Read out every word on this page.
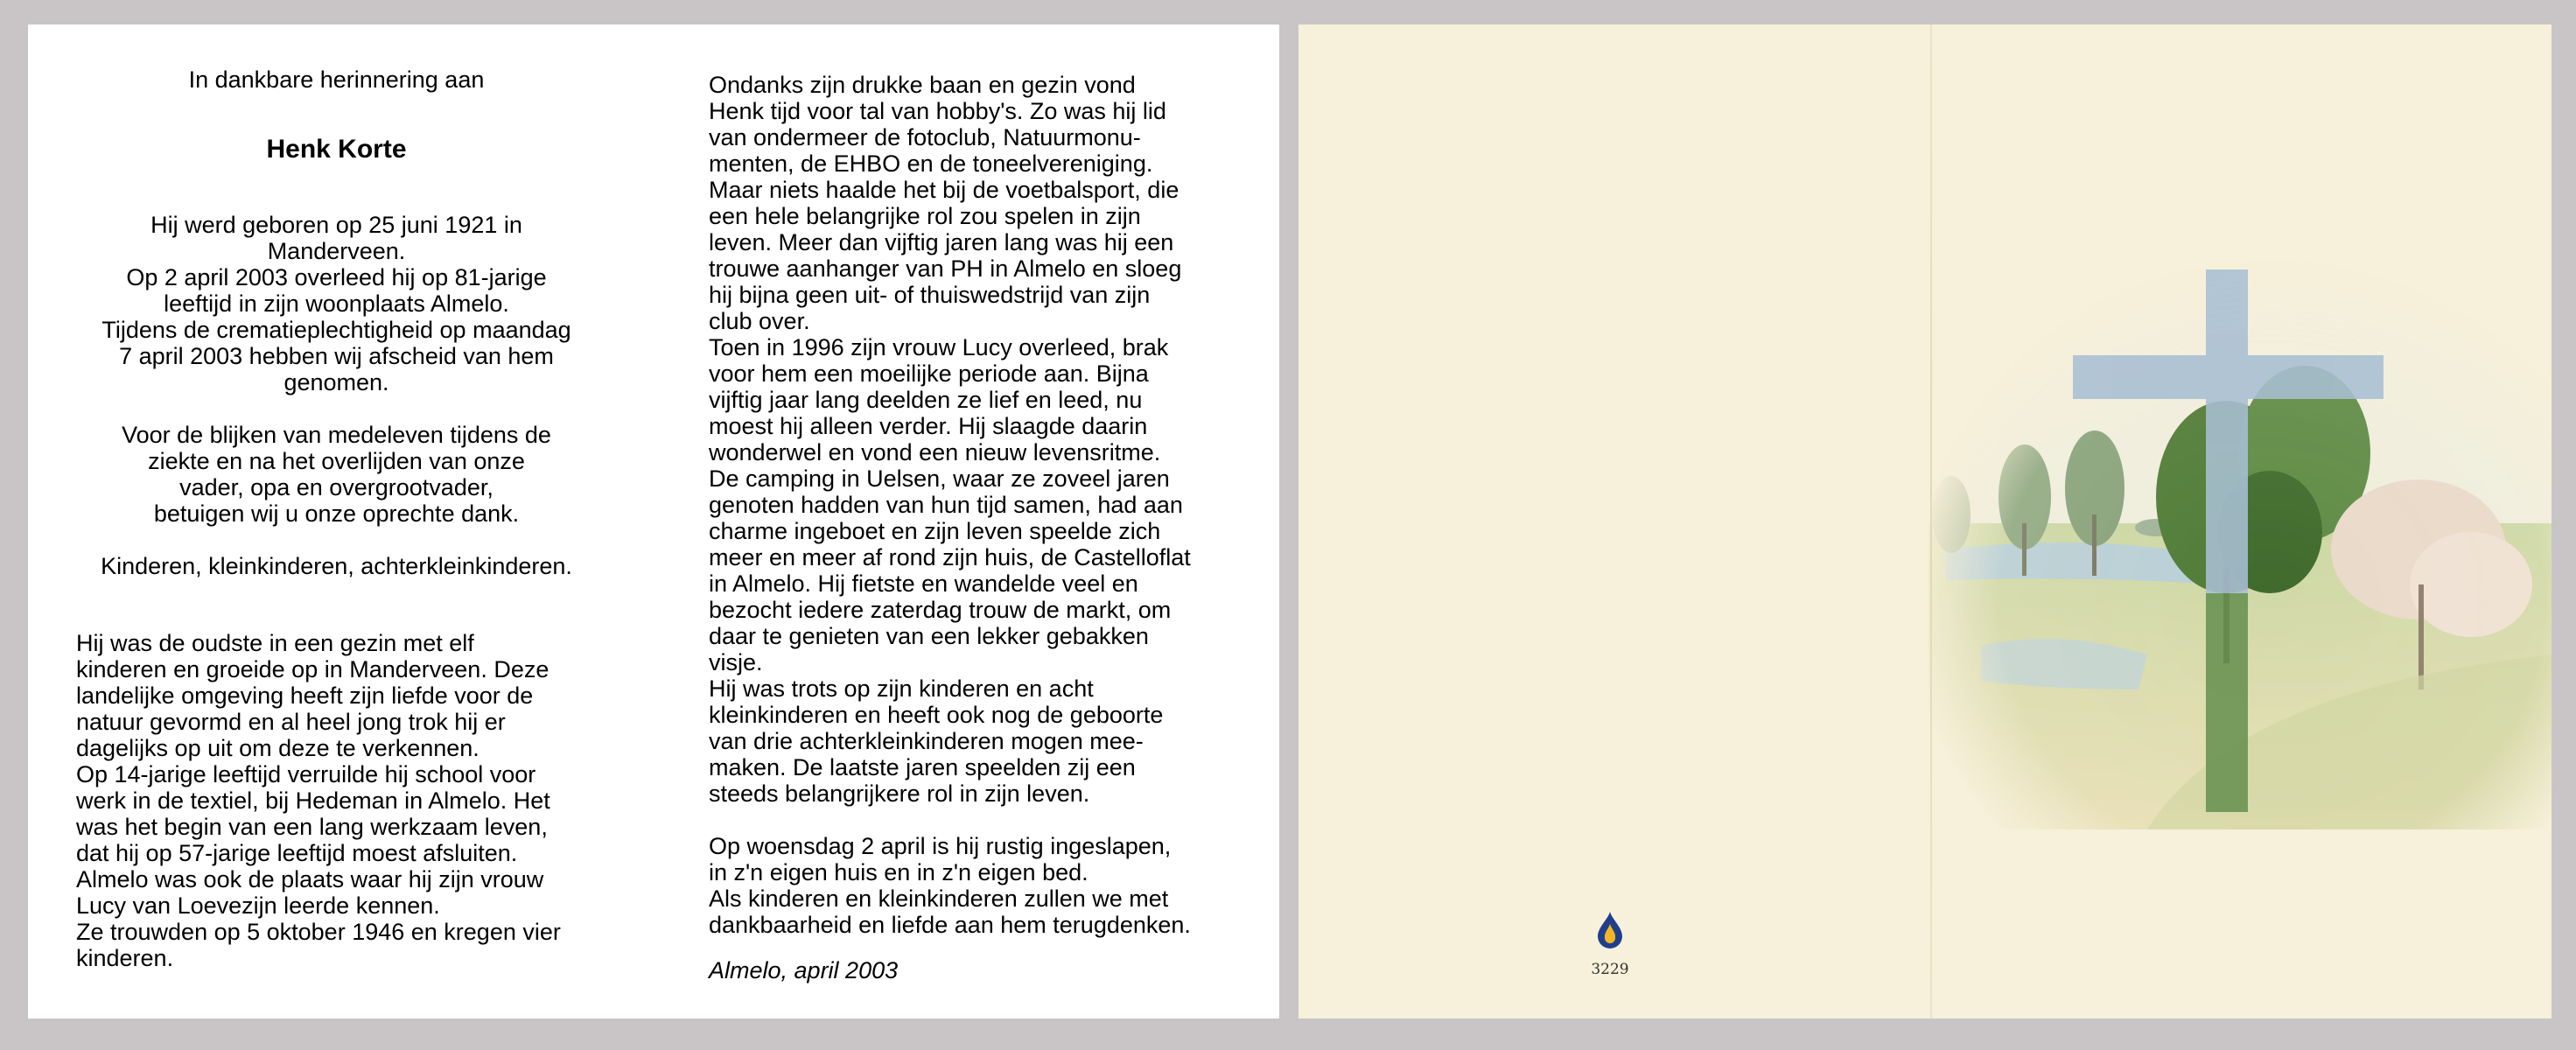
In dankbare herinnering aan
Henk Korte
Hij werd geboren op 25 juni 1921 in
Manderveen.
Op 2 april 2003 overleed hij op 81-jarige
leeftijd in zijn woonplaats Almelo.
Tijdens de crematieplechtigheid op maandag
7 april 2003 hebben wij afscheid van hem
genomen.
Voor de blijken van medeleven tijdens de
ziekte en na het overlijden van onze
vader, opa en overgrootvader,
betuigen wij u onze oprechte dank.
Kinderen, kleinkinderen, achterkleinkinderen.

Hij was de oudste in een gezin met elf

kinderen en groeide op in Manderveen. Deze

landelijke omgeving heeft zijn liefde voor de

natuur gevormd en al heel jong trok hij er

dagelijks op uit om deze te verkennen.

Op 14-jarige leeftijd verruilde hij school voor

werk in de textiel, bij Hedeman in Almelo. Het

was het begin van een lang werkzaam leven,

dat hij op 57-jarige leeftijd moest afsluiten.

Almelo was ook de plaats waar hij zijn vrouw

Lucy van Loevezijn leerde kennen.

Ze trouwden op 5 oktober 1946 en kregen vier

kinderen.

Ondanks zijn drukke baan en gezin vond

Henk tijd voor tal van hobby's. Zo was hij lid

van ondermeer de fotoclub, Natuurmonu-

menten, de EHBO en de toneelvereniging.

Maar niets haalde het bij de voetbalsport, die

een hele belangrijke rol zou spelen in zijn

leven. Meer dan vijftig jaren lang was hij een

trouwe aanhanger van PH in Almelo en sloeg

hij bijna geen uit- of thuiswedstrijd van zijn

club over.

Toen in 1996 zijn vrouw Lucy overleed, brak

voor hem een moeilijke periode aan. Bijna

vijftig jaar lang deelden ze lief en leed, nu

moest hij alleen verder. Hij slaagde daarin

wonderwel en vond een nieuw levensritme.

De camping in Uelsen, waar ze zoveel jaren

genoten hadden van hun tijd samen, had aan

charme ingeboet en zijn leven speelde zich

meer en meer af rond zijn huis, de Castelloflat

in Almelo. Hij fietste en wandelde veel en

bezocht iedere zaterdag trouw de markt, om

daar te genieten van een lekker gebakken

visje.

Hij was trots op zijn kinderen en acht

kleinkinderen en heeft ook nog de geboorte

van drie achterkleinkinderen mogen mee-

maken. De laatste jaren speelden zij een

steeds belangrijkere rol in zijn leven.

Op woensdag 2 april is hij rustig ingeslapen,

in z'n eigen huis en in z'n eigen bed.

Als kinderen en kleinkinderen zullen we met

dankbaarheid en liefde aan hem terugdenken.

Almelo, april 2003	3229
